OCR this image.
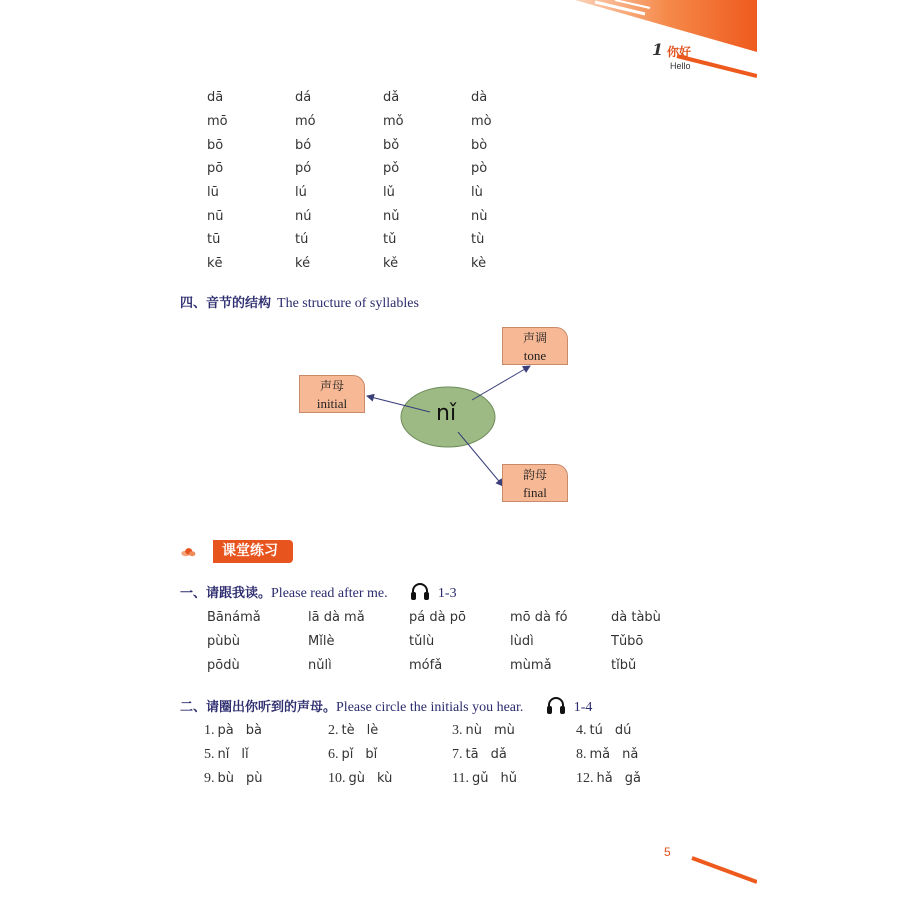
1 你好
Hello
dā	dá	dǎ	dà
mō	mó	mǒ	mò
bō	bó	bǒ	bò
pō	pó	pǒ	pò
lū	lú	lǔ	lù
nū	nú	nǔ	nù
tū	tú	tǔ	tù
kē	ké	kě	kè
四、音节的结构 The structure of syllables
nǐ
声调
tone
声母
initial
韵母
final
课堂练习
一、请跟我读。Please read after me.	1-3
Bānámǎ	lā dà mǎ	pá dà pō	mō dà fó	dà tàbù
pùbù	Mǐlè	tǔlù	lùdì	Tǔbō
pōdù	nǔlì	mófǎ	mùmǎ	tǐbǔ
二、请圈出你听到的声母。Please circle the initials you hear.	1-4
1. pà bà	2. tè lè	3. nù mù	4. tú dú
5. nǐ lǐ	6. pǐ bǐ	7. tā dǎ	8. mǎ nǎ
9. bù pù	10. gù kù	11. gǔ hǔ	12. hǎ gǎ
5
